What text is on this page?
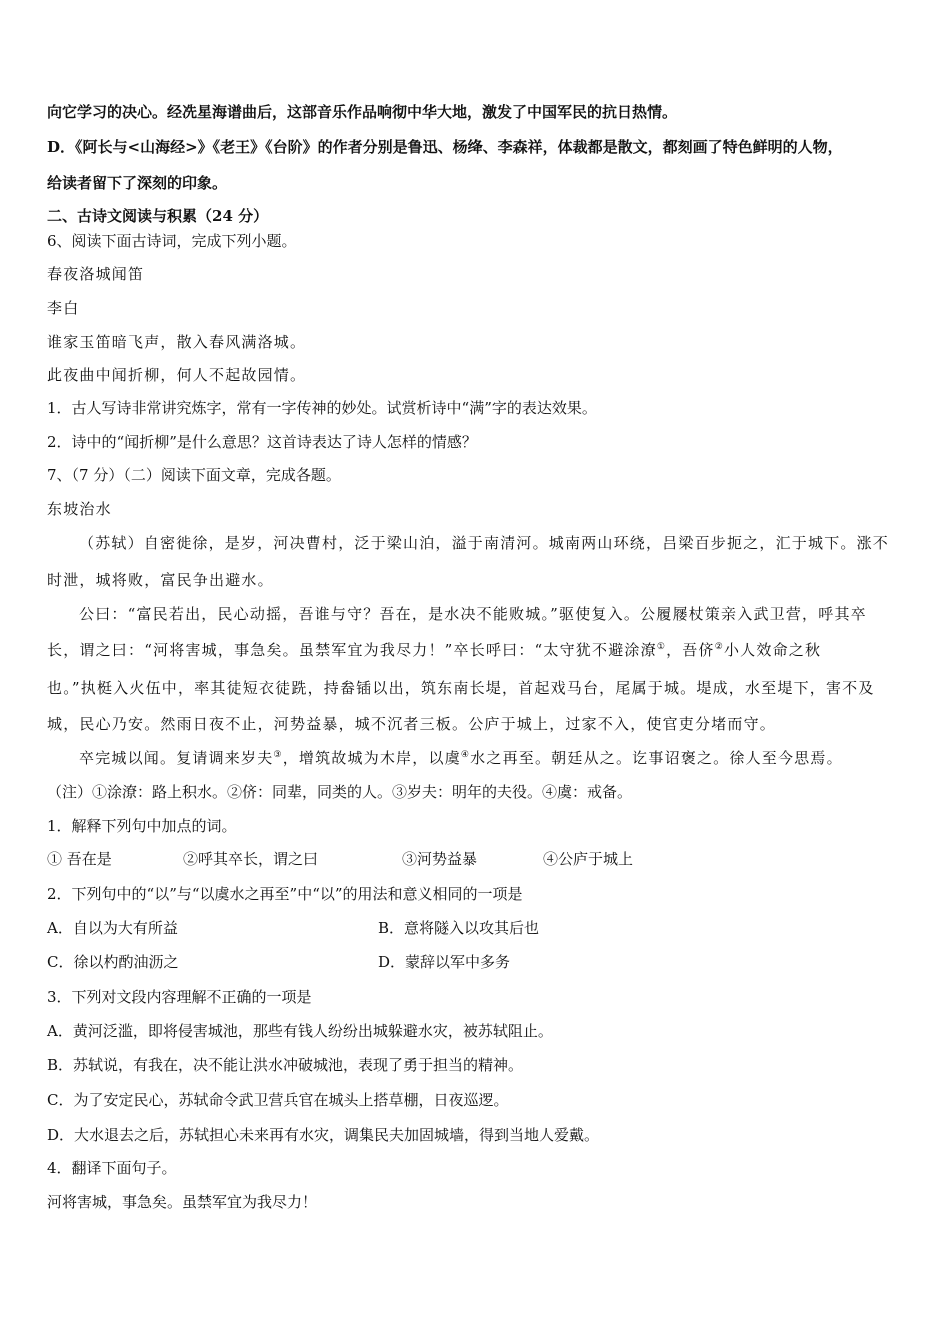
向它学习的决心。经冼星海谱曲后，这部音乐作品响彻中华大地，激发了中国军民的抗日热情。
D．《阿长与<山海经>》《老王》《台阶》的作者分别是鲁迅、杨绛、李森祥，体裁都是散文，都刻画了特色鲜明的人物，
给读者留下了深刻的印象。
二、古诗文阅读与积累（24 分）
6、阅读下面古诗词，完成下列小题。
春夜洛城闻笛
李白
谁家玉笛暗飞声，散入春风满洛城。
此夜曲中闻折柳，何人不起故园情。
1．古人写诗非常讲究炼字，常有一字传神的妙处。试赏析诗中“满”字的表达效果。
2．诗中的“闻折柳”是什么意思？这首诗表达了诗人怎样的情感？
7、（7 分）（二）阅读下面文章，完成各题。
东坡治水
（苏轼）自密徙徐，是岁，河决曹村，泛于梁山泊，溢于南清河。城南两山环绕，吕梁百步扼之，汇于城下。涨不
时泄，城将败，富民争出避水。
公曰：“富民若出，民心动摇，吾谁与守？吾在，是水决不能败城。”驱使复入。公履屦杖策亲入武卫营，呼其卒
长，谓之曰：“河将害城，事急矣。虽禁军宜为我尽力！”卒长呼曰：“太守犹不避涂潦①，吾侪②小人效命之秋
也。”执梃入火伍中，率其徒短衣徒跣，持畚锸以出，筑东南长堤，首起戏马台，尾属于城。堤成，水至堤下，害不及
城，民心乃安。然雨日夜不止，河势益暴，城不沉者三板。公庐于城上，过家不入，使官吏分堵而守。
卒完城以闻。复请调来岁夫③，增筑故城为木岸，以虞④水之再至。朝廷从之。讫事诏褒之。徐人至今思焉。
（注）①涂潦：路上积水。②侪：同辈，同类的人。③岁夫：明年的夫役。④虞：戒备。
1．解释下列句中加点的词。
① 吾在是	②呼其卒长，谓之曰	③河势益暴	④公庐于城上
2．下列句中的“以”与“以虞水之再至”中“以”的用法和意义相同的一项是
A．自以为大有所益	B．意将隧入以攻其后也
C．徐以杓酌油沥之	D．蒙辞以军中多务
3．下列对文段内容理解不正确的一项是
A．黄河泛滥，即将侵害城池，那些有钱人纷纷出城躲避水灾，被苏轼阻止。
B．苏轼说，有我在，决不能让洪水冲破城池，表现了勇于担当的精神。
C．为了安定民心，苏轼命令武卫营兵官在城头上搭草棚，日夜巡逻。
D．大水退去之后，苏轼担心未来再有水灾，调集民夫加固城墙，得到当地人爱戴。
4．翻译下面句子。
河将害城，事急矣。虽禁军宜为我尽力！
